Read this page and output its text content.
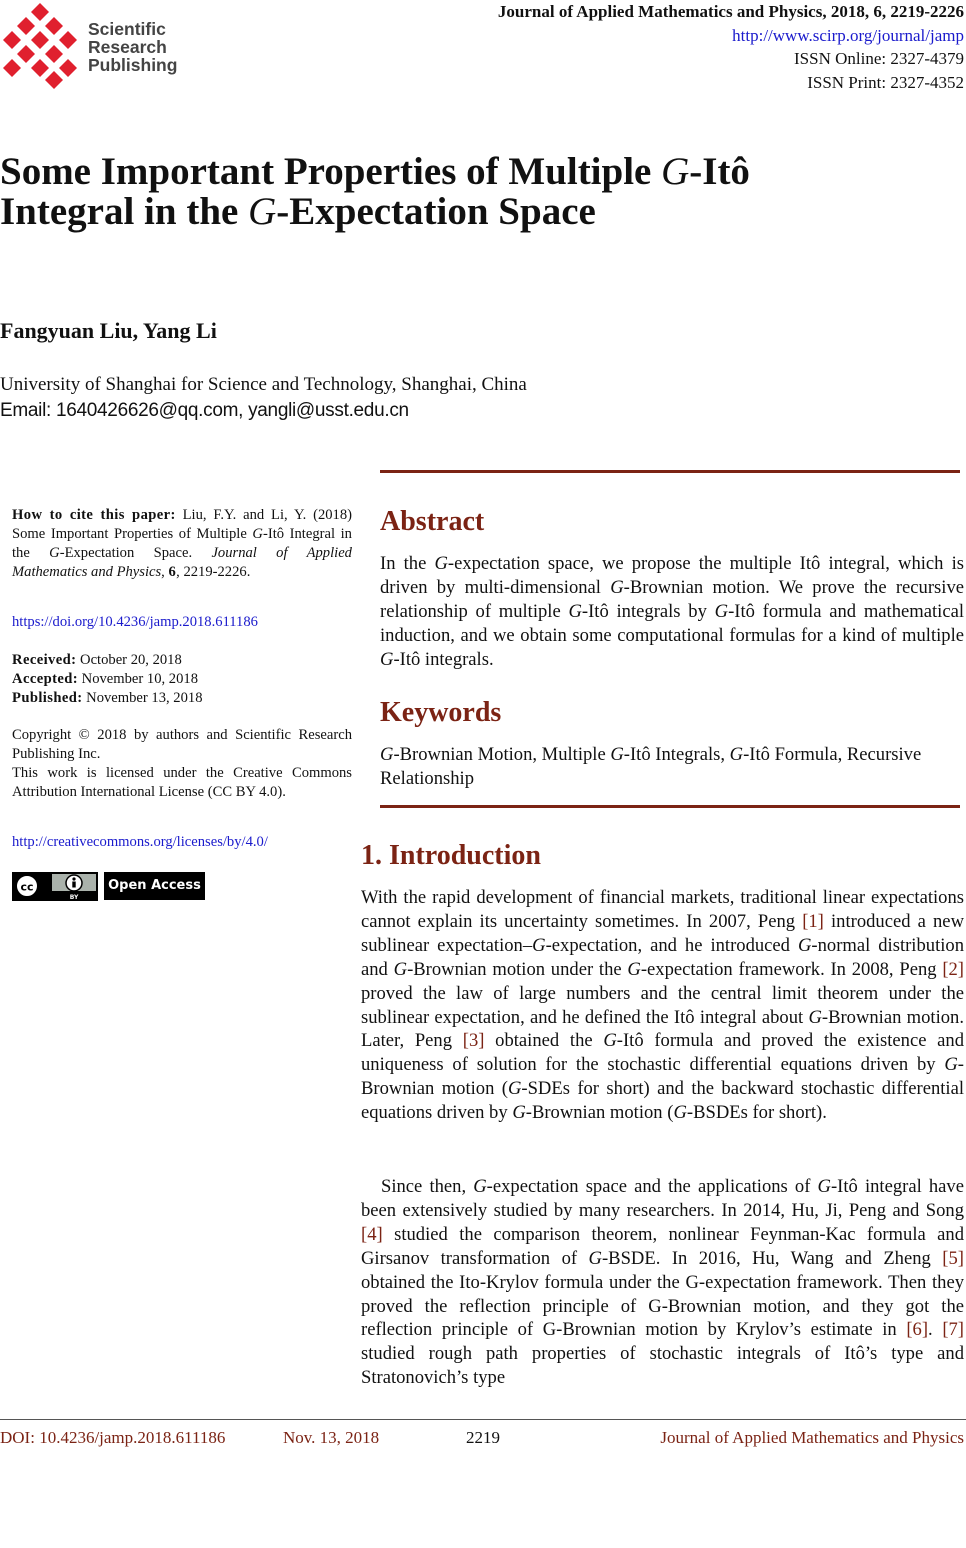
Scientific
Research
Publishing
Journal of Applied Mathematics and Physics, 2018, 6, 2219-2226
http://www.scirp.org/journal/jamp
ISSN Online: 2327-4379
ISSN Print: 2327-4352
Some Important Properties of Multiple G-Itô
Integral in the G-Expectation Space
Fangyuan Liu, Yang Li
University of Shanghai for Science and Technology, Shanghai, China
Email: 1640426626@qq.com, yangli@usst.edu.cn
How to cite this paper: Liu, F.Y. and Li, Y. (2018) Some Important Properties of Multiple G-Itô Integral in the G-Expectation Space. Journal of Applied Mathematics and Physics, 6, 2219-2226.
https://doi.org/10.4236/jamp.2018.611186
Received: October 20, 2018
Accepted: November 10, 2018
Published: November 13, 2018
Copyright © 2018 by authors and Scientific Research Publishing Inc.
This work is licensed under the Creative Commons Attribution International License (CC BY 4.0).
http://creativecommons.org/licenses/by/4.0/
cc
BY
Open Access
Abstract
In the G-expectation space, we propose the multiple Itô integral, which is driven by multi-dimensional G-Brownian motion. We prove the recursive relationship of multiple G-Itô integrals by G-Itô formula and mathematical induction, and we obtain some computational formulas for a kind of multiple G-Itô integrals.
Keywords
G-Brownian Motion, Multiple G-Itô Integrals, G-Itô Formula, Recursive Relationship
1. Introduction
With the rapid development of financial markets, traditional linear expectations cannot explain its uncertainty sometimes. In 2007, Peng [1] introduced a new sublinear expectation–G-expectation, and he introduced G-normal distribution and G-Brownian motion under the G-expectation framework. In 2008, Peng [2] proved the law of large numbers and the central limit theorem under the sublinear expectation, and he defined the Itô integral about G-Brownian motion. Later, Peng [3] obtained the G-Itô formula and proved the existence and uniqueness of solution for the stochastic differential equations driven by G-Brownian motion (G-SDEs for short) and the backward stochastic differential equations driven by G-Brownian motion (G-BSDEs for short).
Since then, G-expectation space and the applications of G-Itô integral have been extensively studied by many researchers. In 2014, Hu, Ji, Peng and Song [4] studied the comparison theorem, nonlinear Feynman-Kac formula and Girsanov transformation of G-BSDE. In 2016, Hu, Wang and Zheng [5] obtained the Ito-Krylov formula under the G-expectation framework. Then they proved the reflection principle of G-Brownian motion, and they got the reflection principle of G-Brownian motion by Krylov’s estimate in [6]. [7] studied rough path properties of stochastic integrals of Itô’s type and Stratonovich’s type
DOI: 10.4236/jamp.2018.611186	Nov. 13, 2018	2219	Journal of Applied Mathematics and Physics
